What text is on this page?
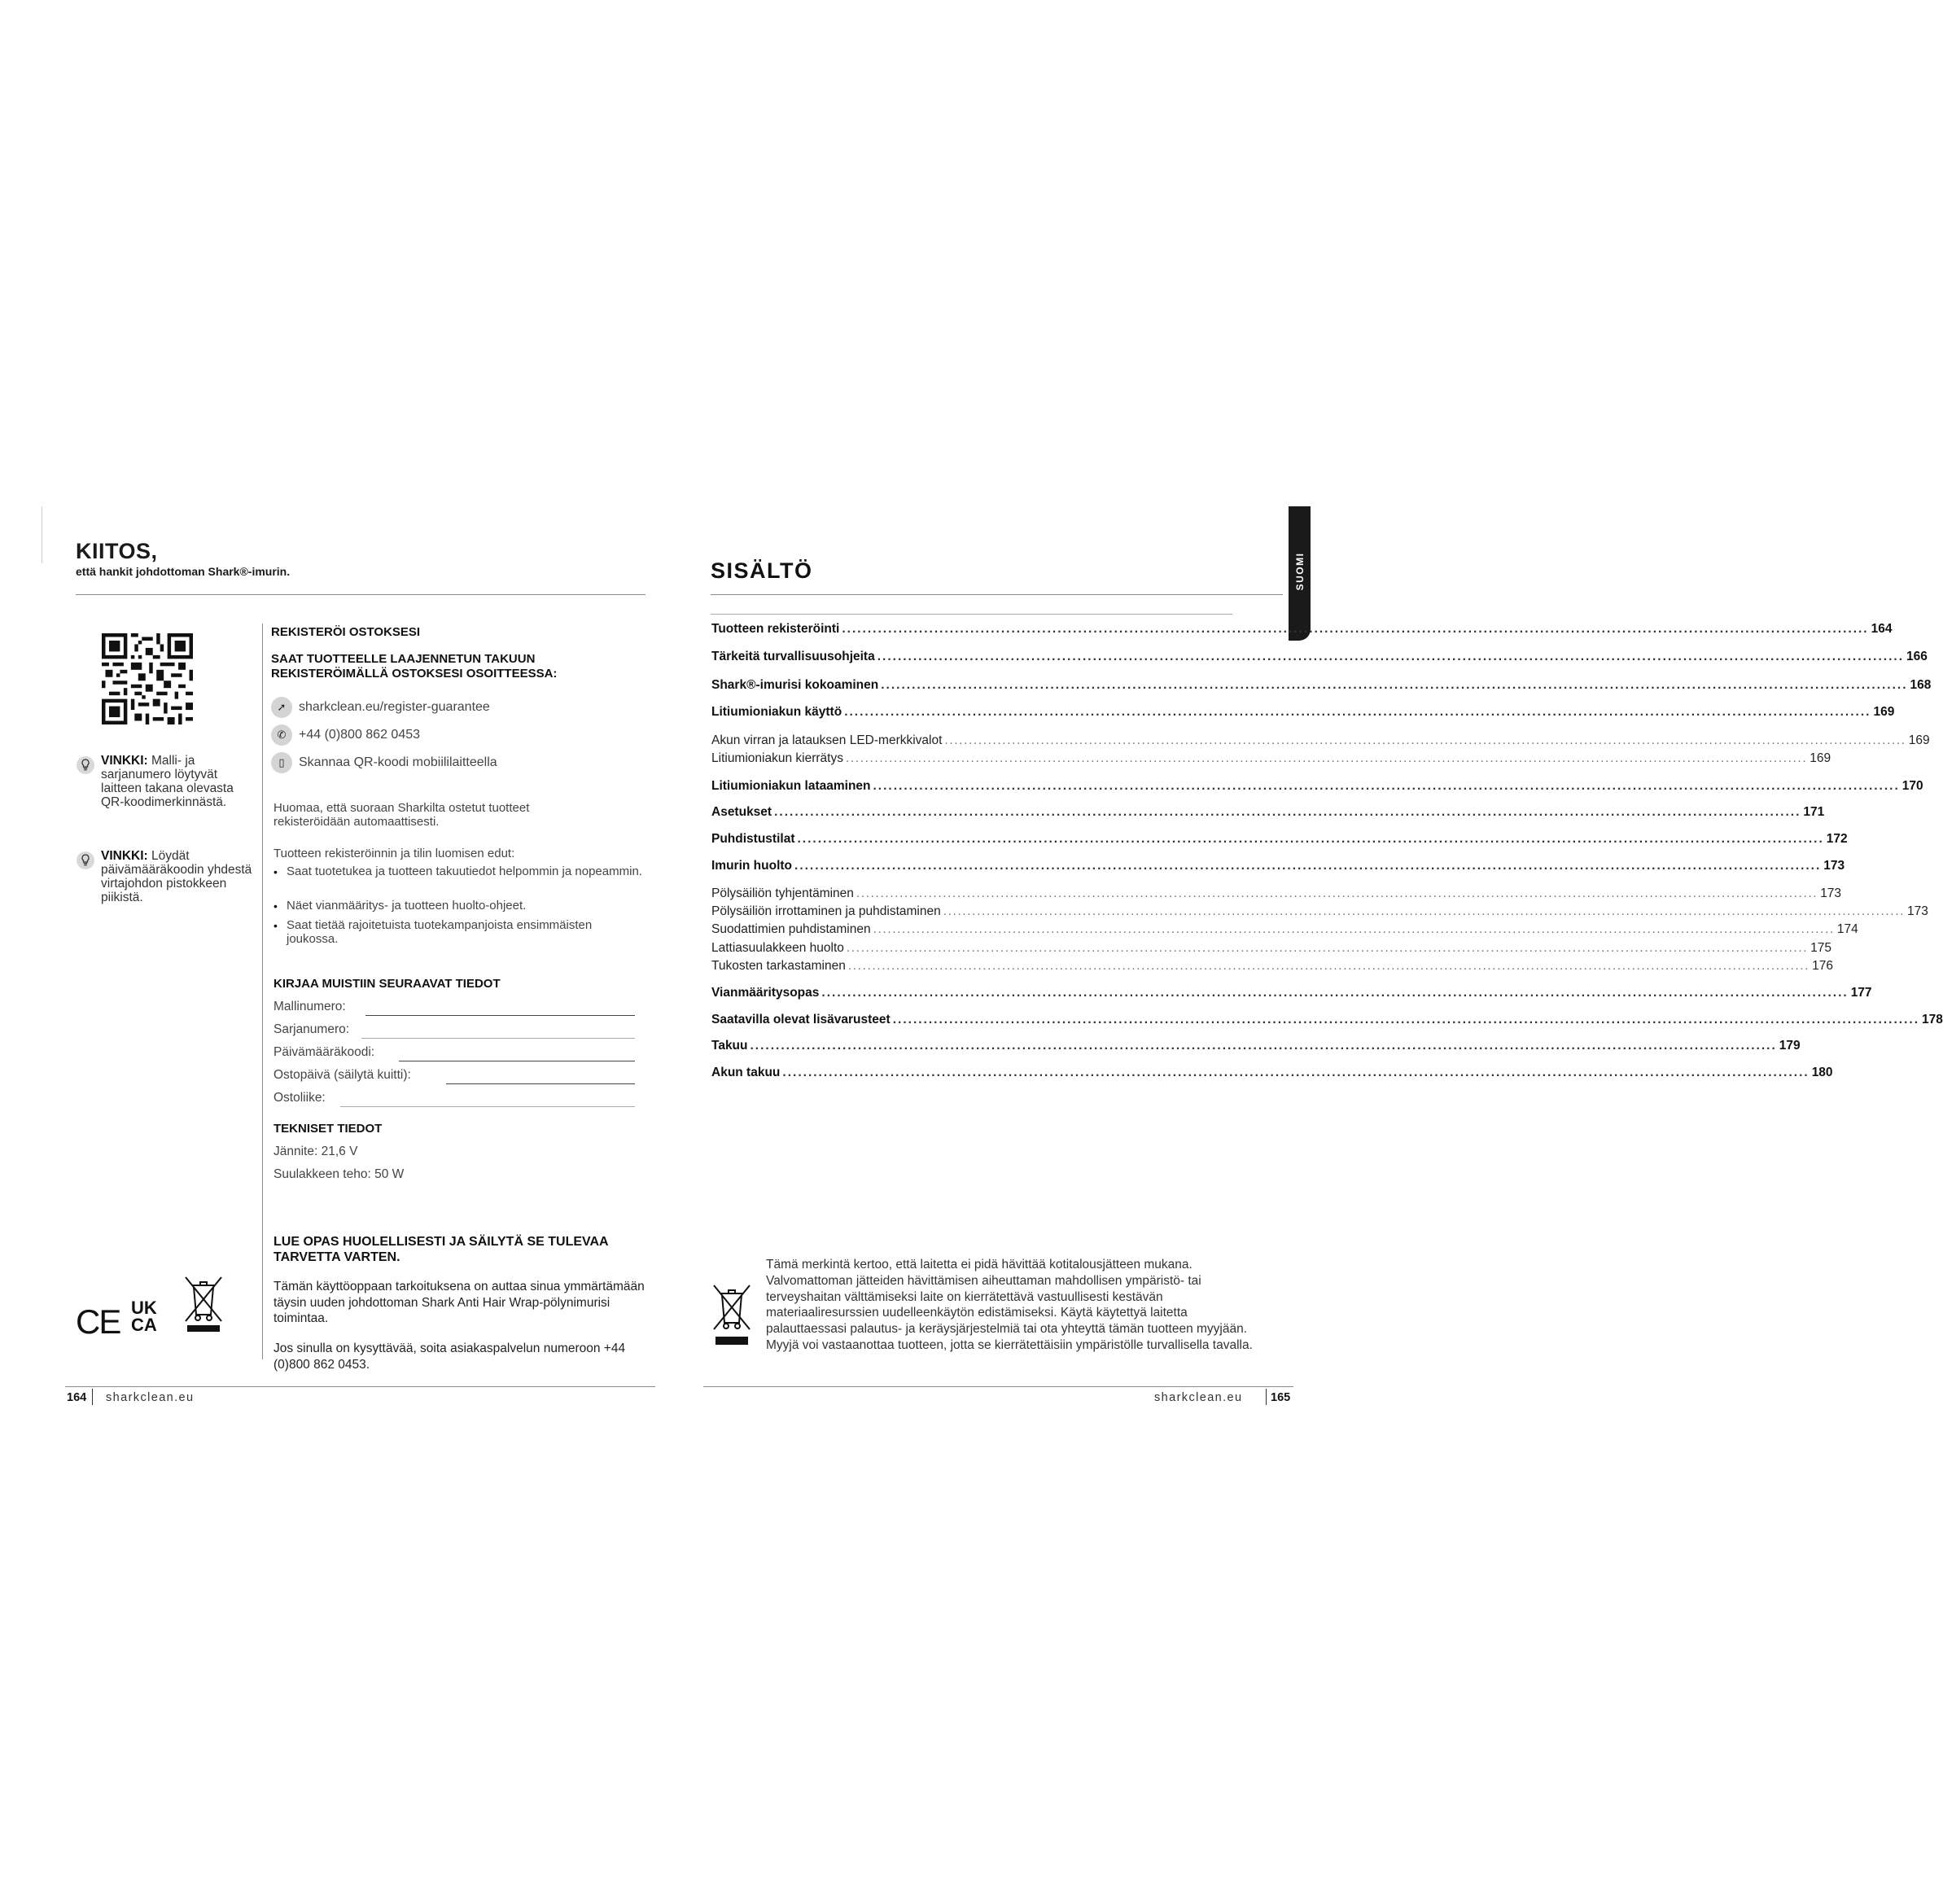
KIITOS,
että hankit johdottoman Shark®-imurin.
VINKKI: Malli- ja sarjanumero löytyvät laitteen takana olevasta QR-koodimerkinnästä.
VINKKI: Löydät päivämääräkoodin yhdestä virtajohdon pistokkeen piikistä.
REKISTERÖI OSTOKSESI
SAAT TUOTTEELLE LAAJENNETUN TAKUUN
REKISTERÖIMÄLLÄ OSTOKSESI OSOITTEESSA:
➚ sharkclean.eu/register-guarantee
✆ +44 (0)800 862 0453
▯ Skannaa QR-koodi mobiililaitteella
Huomaa, että suoraan Sharkilta ostetut tuotteet
rekisteröidään automaattisesti.
Tuotteen rekisteröinnin ja tilin luomisen edut:
• Saat tuotetukea ja tuotteen takuutiedot helpommin ja nopeammin.
• Näet vianmääritys- ja tuotteen huolto-ohjeet.
• Saat tietää rajoitetuista tuotekampanjoista ensimmäisten joukossa.
KIRJAA MUISTIIN SEURAAVAT TIEDOT
Mallinumero:
Sarjanumero:
Päivämääräkoodi:
Ostopäivä (säilytä kuitti):
Ostoliike:
TEKNISET TIEDOT
Jännite: 21,6 V
Suulakkeen teho: 50 W
LUE OPAS HUOLELLISESTI JA SÄILYTÄ SE TULEVAA TARVETTA VARTEN.
Tämän käyttöoppaan tarkoituksena on auttaa sinua ymmärtämään täysin uuden johdottoman Shark Anti Hair Wrap-pölynimurisi toimintaa.
Jos sinulla on kysyttävää, soita asiakaspalvelun numeroon +44 (0)800 862 0453.
CE UK
CA
164 sharkclean.eu
SISÄLTÖ	SUOMI
Tuotteen rekisteröinti ........................................................................................................................................................................................................ 164
Tärkeitä turvallisuusohjeita ........................................................................................................................................................................................................ 166
Shark®-imurisi kokoaminen ........................................................................................................................................................................................................ 168
Litiumioniakun käyttö ........................................................................................................................................................................................................ 169
Akun virran ja latauksen LED-merkkivalot ........................................................................................................................................................................................................ 169
Litiumioniakun kierrätys ........................................................................................................................................................................................................ 169
Litiumioniakun lataaminen ........................................................................................................................................................................................................ 170
Asetukset ........................................................................................................................................................................................................ 171
Puhdistustilat ........................................................................................................................................................................................................ 172
Imurin huolto ........................................................................................................................................................................................................ 173
Pölysäiliön tyhjentäminen ........................................................................................................................................................................................................ 173
Pölysäiliön irrottaminen ja puhdistaminen ........................................................................................................................................................................................................ 173
Suodattimien puhdistaminen ........................................................................................................................................................................................................ 174
Lattiasuulakkeen huolto ........................................................................................................................................................................................................ 175
Tukosten tarkastaminen ........................................................................................................................................................................................................ 176
Vianmääritysopas ........................................................................................................................................................................................................ 177
Saatavilla olevat lisävarusteet ........................................................................................................................................................................................................ 178
Takuu ........................................................................................................................................................................................................ 179
Akun takuu ........................................................................................................................................................................................................ 180
Tämä merkintä kertoo, että laitetta ei pidä hävittää kotitalousjätteen mukana. Valvomattoman jätteiden hävittämisen aiheuttaman mahdollisen ympäristö- tai terveyshaitan välttämiseksi laite on kierrätettävä vastuullisesti kestävän materiaaliresurssien uudelleenkäytön edistämiseksi. Käytä käytettyä laitetta palauttaessasi palautus- ja keräysjärjestelmiä tai ota yhteyttä tämän tuotteen myyjään. Myyjä voi vastaanottaa tuotteen, jotta se kierrätettäisiin ympäristölle turvallisella tavalla.
sharkclean.eu 165
